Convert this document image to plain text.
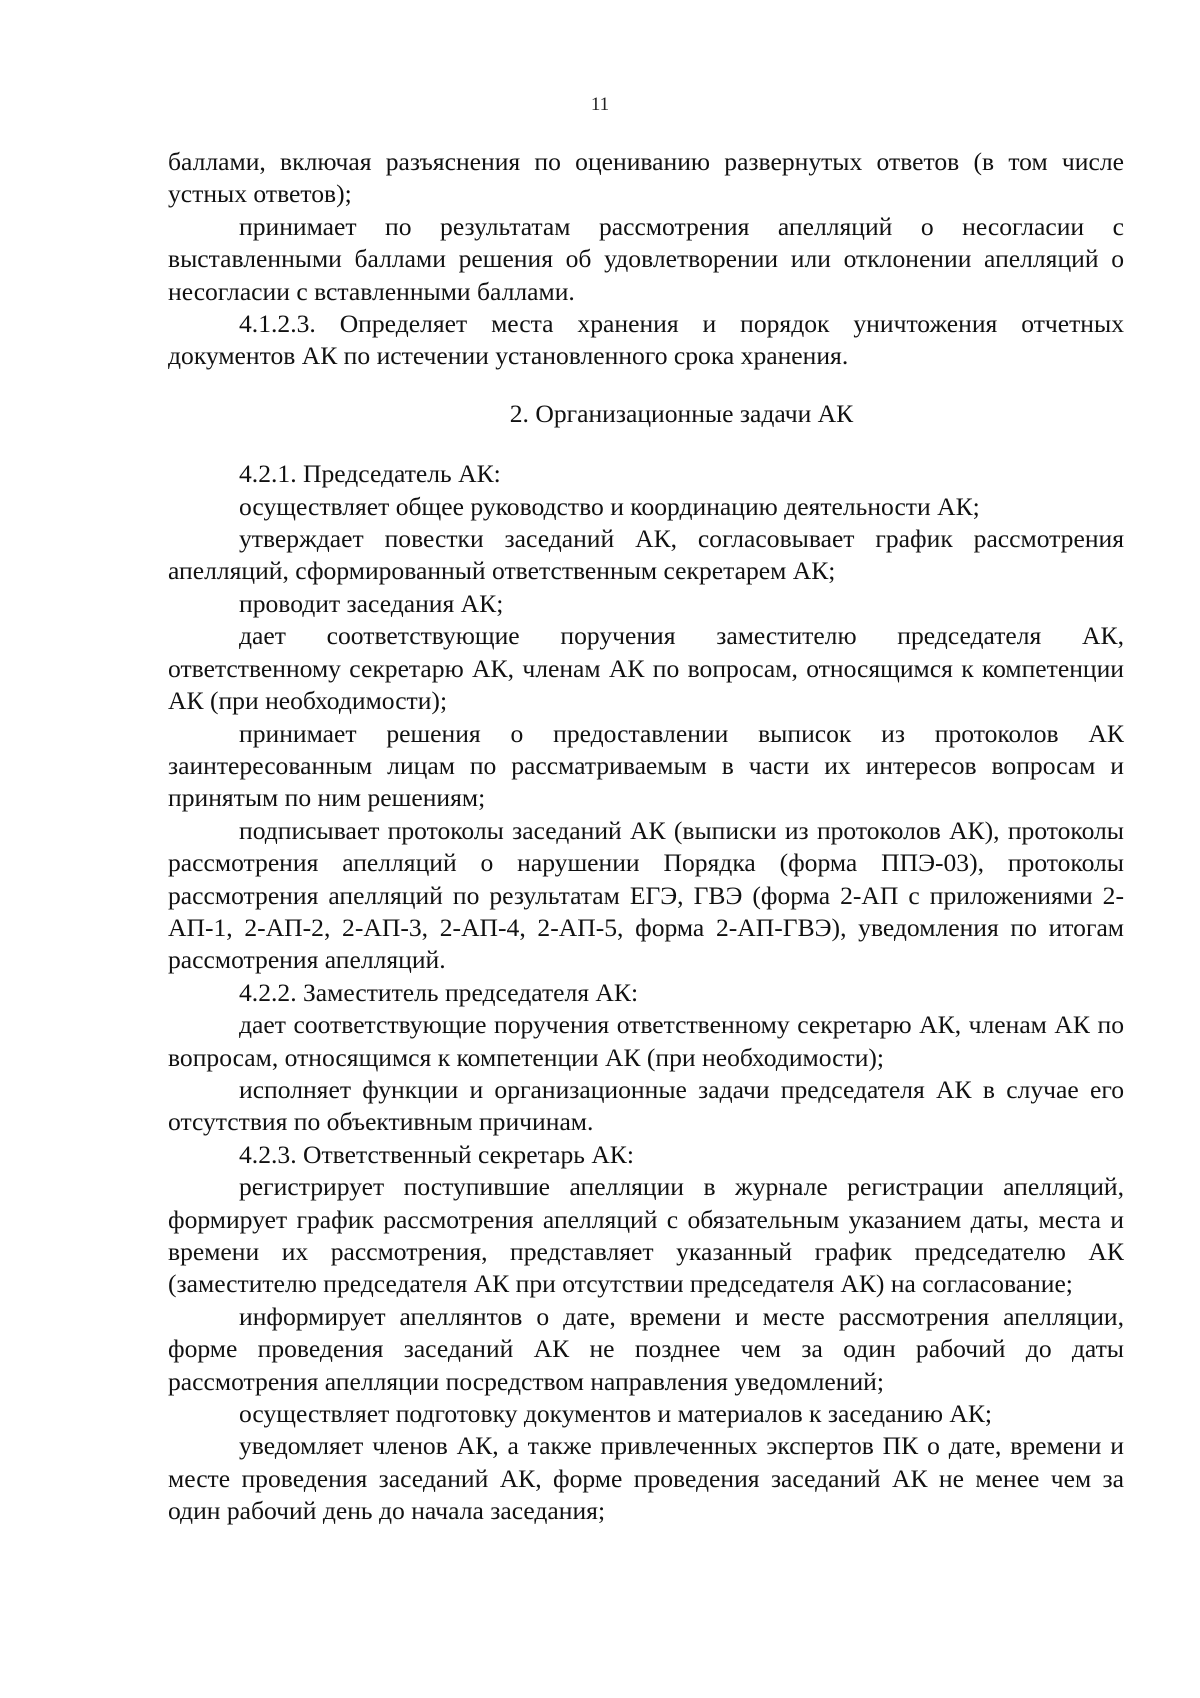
11

баллами, включая разъяснения по оцениванию развернутых ответов (в том числе устных ответов);

принимает по результатам рассмотрения апелляций о несогласии с выставленными баллами решения об удовлетворении или отклонении апелляций о несогласии с вставленными баллами.

4.1.2.3. Определяет места хранения и порядок уничтожения отчетных документов АК по истечении установленного срока хранения.

2. Организационные задачи АК

4.2.1. Председатель АК:

осуществляет общее руководство и координацию деятельности АК;

утверждает повестки заседаний АК, согласовывает график рассмотрения апелляций, сформированный ответственным секретарем АК;

проводит заседания АК;

дает соответствующие поручения заместителю председателя АК, ответственному секретарю АК, членам АК по вопросам, относящимся к компетенции АК (при необходимости);

принимает решения о предоставлении выписок из протоколов АК заинтересованным лицам по рассматриваемым в части их интересов вопросам и принятым по ним решениям;

подписывает протоколы заседаний АК (выписки из протоколов АК), протоколы рассмотрения апелляций о нарушении Порядка (форма ППЭ-03), протоколы рассмотрения апелляций по результатам ЕГЭ, ГВЭ (форма 2-АП с приложениями 2-АП-1, 2-АП-2, 2-АП-3, 2-АП-4, 2-АП-5, форма 2-АП-ГВЭ), уведомления по итогам рассмотрения апелляций.

4.2.2. Заместитель председателя АК:

дает соответствующие поручения ответственному секретарю АК, членам АК по вопросам, относящимся к компетенции АК (при необходимости);

исполняет функции и организационные задачи председателя АК в случае его отсутствия по объективным причинам.

4.2.3. Ответственный секретарь АК:

регистрирует поступившие апелляции в журнале регистрации апелляций, формирует график рассмотрения апелляций с обязательным указанием даты, места и времени их рассмотрения, представляет указанный график председателю АК (заместителю председателя АК при отсутствии председателя АК) на согласование;

информирует апеллянтов о дате, времени и месте рассмотрения апелляции, форме проведения заседаний АК не позднее чем за один рабочий до даты рассмотрения апелляции посредством направления уведомлений;

осуществляет подготовку документов и материалов к заседанию АК;

уведомляет членов АК, а также привлеченных экспертов ПК о дате, времени и месте проведения заседаний АК, форме проведения заседаний АК не менее чем за один рабочий день до начала заседания;
